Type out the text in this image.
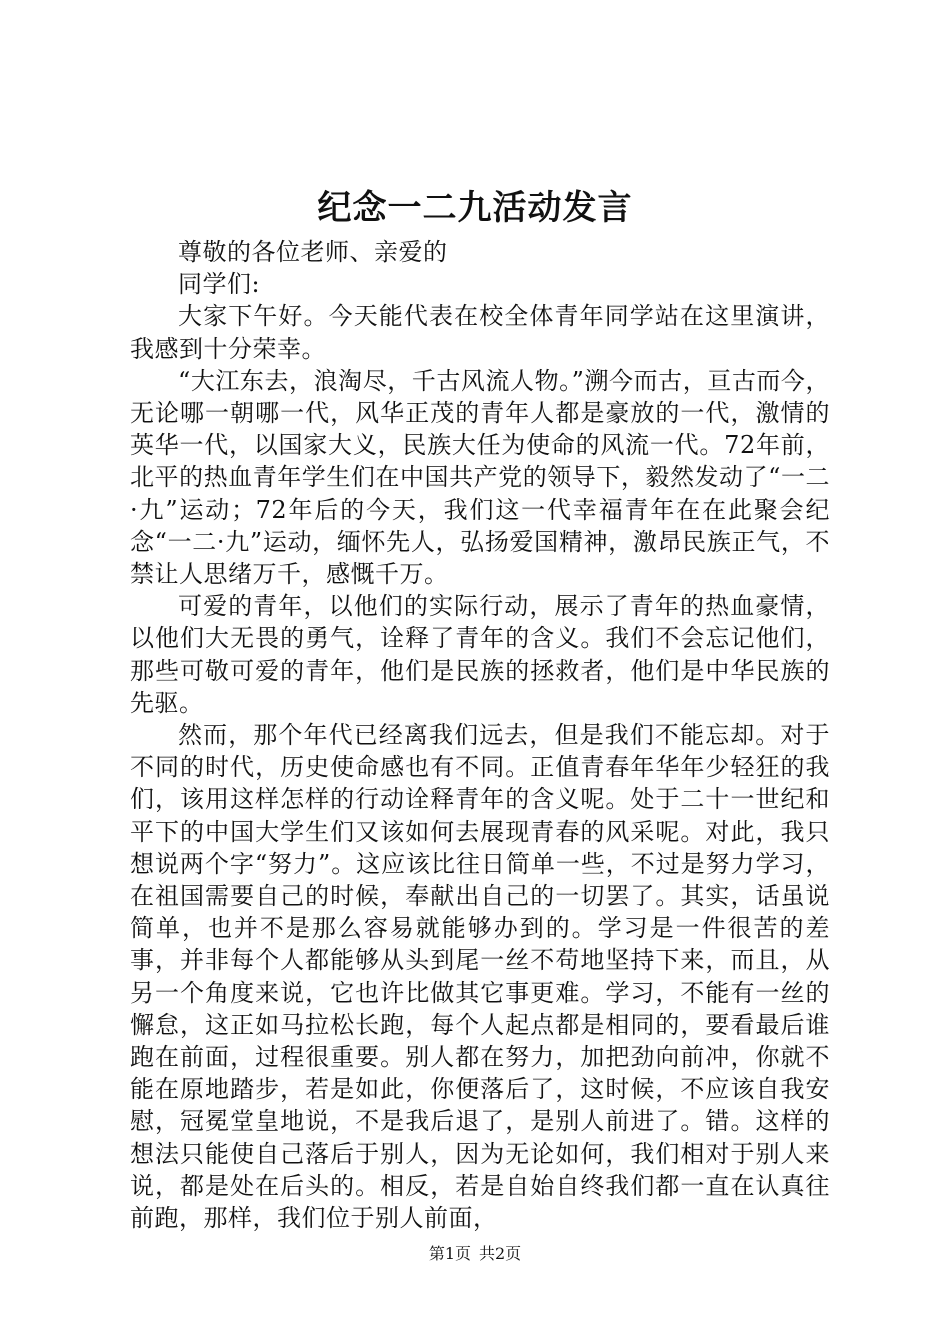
纪念一二九活动发言

尊敬的各位老师、亲爱的

同学们:

大家下午好。今天能代表在校全体青年同学站在这里演讲，我感到十分荣幸。

“大江东去，浪淘尽，千古风流人物。”溯今而古，亘古而今，无论哪一朝哪一代，风华正茂的青年人都是豪放的一代，激情的英华一代，以国家大义，民族大任为使命的风流一代。72年前，北平的热血青年学生们在中国共产党的领导下，毅然发动了“一二·九”运动；72年后的今天，我们这一代幸福青年在在此聚会纪念“一二·九”运动，缅怀先人，弘扬爱国精神，激昂民族正气，不禁让人思绪万千，感慨千万。

可爱的青年，以他们的实际行动，展示了青年的热血豪情，以他们大无畏的勇气，诠释了青年的含义。我们不会忘记他们，那些可敬可爱的青年，他们是民族的拯救者，他们是中华民族的先驱。

然而，那个年代已经离我们远去，但是我们不能忘却。对于不同的时代，历史使命感也有不同。正值青春年华年少轻狂的我们，该用这样怎样的行动诠释青年的含义呢。处于二十一世纪和平下的中国大学生们又该如何去展现青春的风采呢。对此，我只想说两个字“努力”。这应该比往日简单一些，不过是努力学习，在祖国需要自己的时候，奉献出自己的一切罢了。其实，话虽说简单，也并不是那么容易就能够办到的。学习是一件很苦的差事，并非每个人都能够从头到尾一丝不苟地坚持下来，而且，从另一个角度来说，它也许比做其它事更难。学习，不能有一丝的懈怠，这正如马拉松长跑，每个人起点都是相同的，要看最后谁跑在前面，过程很重要。别人都在努力，加把劲向前冲，你就不能在原地踏步，若是如此，你便落后了，这时候，不应该自我安慰，冠冕堂皇地说，不是我后退了，是别人前进了。错。这样的想法只能使自己落后于别人，因为无论如何，我们相对于别人来说，都是处在后头的。相反，若是自始自终我们都一直在认真往前跑，那样，我们位于别人前面，

第1页 共2页
